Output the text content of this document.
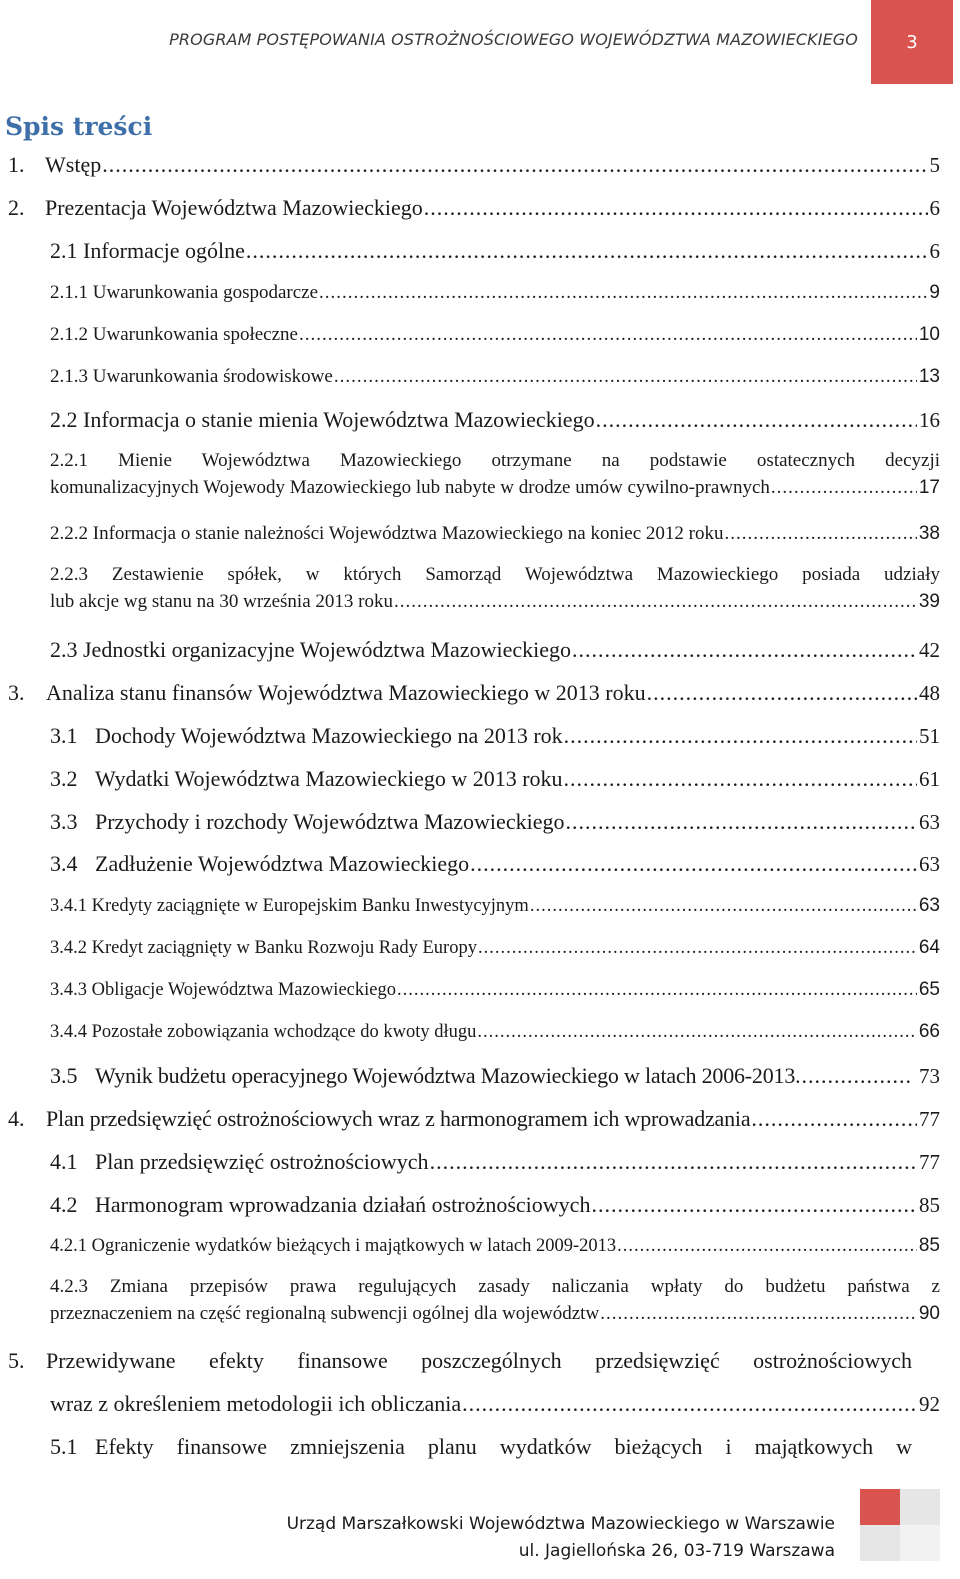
PROGRAM POSTĘPOWANIA OSTROŻNOŚCIOWEGO WOJEWÓDZTWA MAZOWIECKIEGO	3
Spis treści
1. Wstęp .....	5
2. Prezentacja Województwa Mazowieckiego .....	6
2.1 Informacje ogólne .....	6
2.1.1 Uwarunkowania gospodarcze .....	9
2.1.2 Uwarunkowania społeczne .....	10
2.1.3 Uwarunkowania środowiskowe .....	13
2.2 Informacja o stanie mienia Województwa Mazowieckiego .....	16
2.2.1 Mienie Województwa Mazowieckiego otrzymane na podstawie ostatecznych decyzji
komunalizacyjnych Wojewody Mazowieckiego lub nabyte w drodze umów cywilno-prawnych .....	17
2.2.2 Informacja o stanie należności Województwa Mazowieckiego na koniec 2012 roku .....	38
2.2.3 Zestawienie spółek, w których Samorząd Województwa Mazowieckiego posiada udziały
lub akcje wg stanu na 30 września 2013 roku .....	39
2.3 Jednostki organizacyjne Województwa Mazowieckiego .....	42
3. Analiza stanu finansów Województwa Mazowieckiego w 2013 roku .....	48
3.1 Dochody Województwa Mazowieckiego na 2013 rok .....	51
3.2 Wydatki Województwa Mazowieckiego w 2013 roku .....	61
3.3 Przychody i rozchody Województwa Mazowieckiego .....	63
3.4 Zadłużenie Województwa Mazowieckiego .....	63
3.4.1 Kredyty zaciągnięte w Europejskim Banku Inwestycyjnym .....	63
3.4.2 Kredyt zaciągnięty w Banku Rozwoju Rady Europy .....	64
3.4.3 Obligacje Województwa Mazowieckiego .....	65
3.4.4 Pozostałe zobowiązania wchodzące do kwoty długu .....	66
3.5 Wynik budżetu operacyjnego Województwa Mazowieckiego w latach 2006-2013. .....	73
4. Plan przedsięwzięć ostrożnościowych wraz z harmonogramem ich wprowadzania .....	77
4.1 Plan przedsięwzięć ostrożnościowych .....	77
4.2 Harmonogram wprowadzania działań ostrożnościowych .....	85
4.2.1 Ograniczenie wydatków bieżących i majątkowych w latach 2009-2013 .....	85
4.2.3 Zmiana przepisów prawa regulujących zasady naliczania wpłaty do budżetu państwa z
przeznaczeniem na część regionalną subwencji ogólnej dla województw .....	90
5. Przewidywane efekty finansowe poszczególnych przedsięwzięć ostrożnościowych
wraz z określeniem metodologii ich obliczania .....	92
5.1 Efekty finansowe zmniejszenia planu wydatków bieżących i majątkowych w
Urząd Marszałkowski Województwa Mazowieckiego w Warszawie
ul. Jagiellońska 26, 03-719 Warszawa
